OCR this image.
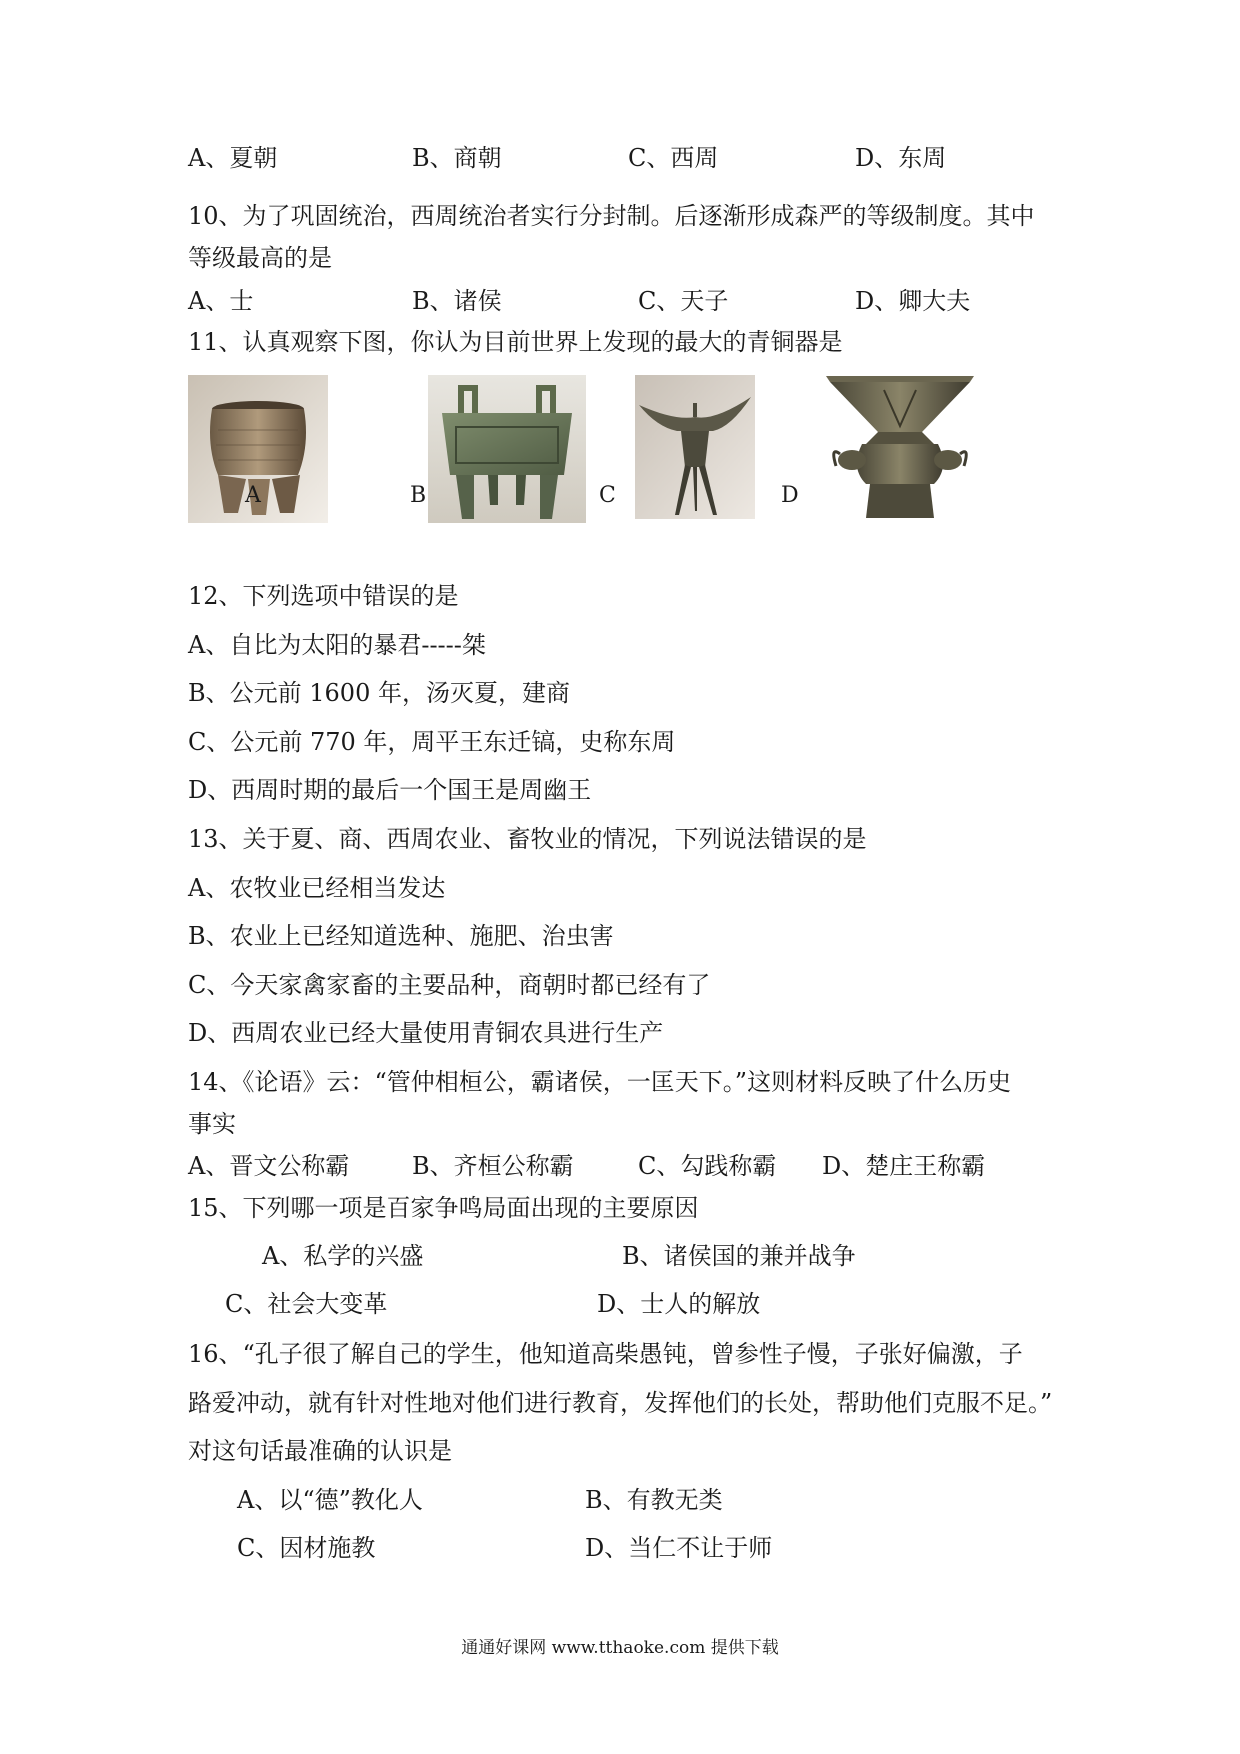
A、夏朝	B、商朝	C、西周	D、东周
10、为了巩固统治，西周统治者实行分封制。后逐渐形成森严的等级制度。其中
等级最高的是
A、士	B、诸侯	C、天子	D、卿大夫
11、认真观察下图，你认为目前世界上发现的最大的青铜器是
A	B	C	D
12、下列选项中错误的是
A、自比为太阳的暴君-----桀
B、公元前 1600 年，汤灭夏，建商
C、公元前 770 年，周平王东迁镐，史称东周
D、西周时期的最后一个国王是周幽王
13、关于夏、商、西周农业、畜牧业的情况，下列说法错误的是
A、农牧业已经相当发达
B、农业上已经知道选种、施肥、治虫害
C、今天家禽家畜的主要品种，商朝时都已经有了
D、西周农业已经大量使用青铜农具进行生产
14、《论语》云：“管仲相桓公，霸诸侯，一匡天下。”这则材料反映了什么历史
事实
A、晋文公称霸	B、齐桓公称霸	C、勾践称霸 D、楚庄王称霸
15、下列哪一项是百家争鸣局面出现的主要原因
A、私学的兴盛	B、诸侯国的兼并战争
C、社会大变革	D、士人的解放
16、“孔子很了解自己的学生，他知道高柴愚钝，曾参性子慢，子张好偏激，子
路爱冲动，就有针对性地对他们进行教育，发挥他们的长处，帮助他们克服不足。”
对这句话最准确的认识是
A、以“德”教化人	B、有教无类
C、因材施教	D、当仁不让于师
通通好课网 www.tthaoke.com 提供下载
